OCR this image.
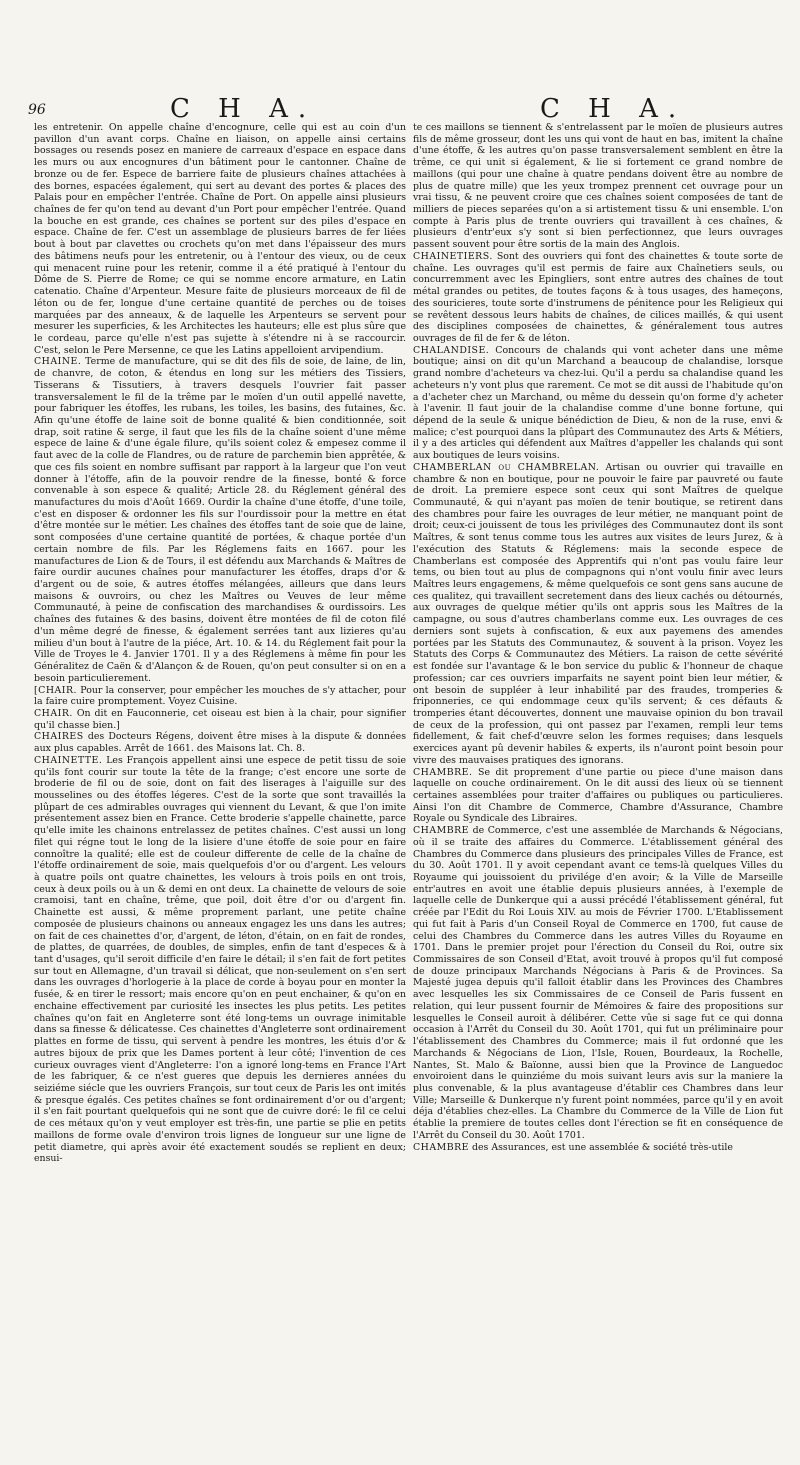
96	C H A.	C H A.

les entretenir. On appelle chaîne d'encognure, celle qui est au coin d'un pavillon d'un avant corps. Chaîne en liaison, on appelle ainsi certains bossages ou resends posez en maniere de carreaux d'espace en espace dans les murs ou aux encognures d'un bâtiment pour le cantonner. Chaîne de bronze ou de fer. Espece de barriere faite de plusieurs chaînes attachées à des bornes, espacées également, qui sert au devant des portes & places des Palais pour en empêcher l'entrée. Chaîne de Port. On appelle ainsi plusieurs chaînes de fer qu'on tend au devant d'un Port pour empêcher l'entrée. Quand la bouche en est grande, ces chaînes se portent sur des piles d'espace en espace. Chaîne de fer. C'est un assemblage de plusieurs barres de fer liées bout à bout par clavettes ou crochets qu'on met dans l'épaisseur des murs des bâtimens neufs pour les entretenir, ou à l'entour des vieux, ou de ceux qui menacent ruine pour les retenir, comme il a été pratiqué à l'entour du Dôme de S. Pierre de Rome; ce qui se nomme encore armature, en Latin catenatio. Chaîne d'Arpenteur. Mesure faite de plusieurs morceaux de fil de léton ou de fer, longue d'une certaine quantité de perches ou de toises marquées par des anneaux, & de laquelle les Arpenteurs se servent pour mesurer les superficies, & les Architectes les hauteurs; elle est plus sûre que le cordeau, parce qu'elle n'est pas sujette à s'étendre ni à se raccourcir. C'est, selon le Pere Mersenne, ce que les Latins appelloient arvipendium.

CHAINE. Terme de manufacture, qui se dit des fils de soie, de laine, de lin, de chanvre, de coton, & étendus en long sur les métiers des Tissiers, Tisserans & Tissutiers, à travers desquels l'ouvrier fait passer transversalement le fil de la trême par le moïen d'un outil appellé navette, pour fabriquer les étoffes, les rubans, les toiles, les basins, des futaines, &c. Afin qu'une étoffe de laine soit de bonne qualité & bien conditionnée, soit drap, soit ratine & serge, il faut que les fils de la chaîne soient d'une même espece de laine & d'une égale filure, qu'ils soient colez & empesez comme il faut avec de la colle de Flandres, ou de rature de parchemin bien apprêtée, & que ces fils soient en nombre suffisant par rapport à la largeur que l'on veut donner à l'étoffe, afin de la pouvoir rendre de la finesse, bonté & force convenable à son espece & qualité; Article 28. du Réglement général des manufactures du mois d'Août 1669. Ourdir la chaîne d'une étoffe, d'une toile, c'est en disposer & ordonner les fils sur l'ourdissoir pour la mettre en état d'être montée sur le métier. Les chaînes des étoffes tant de soie que de laine, sont composées d'une certaine quantité de portées, & chaque portée d'un certain nombre de fils. Par les Réglemens faits en 1667. pour les manufactures de Lion & de Tours, il est défendu aux Marchands & Maîtres de faire ourdir aucunes chaînes pour manufacturer les étoffes, draps d'or & d'argent ou de soie, & autres étoffes mélangées, ailleurs que dans leurs maisons & ouvroirs, ou chez les Maîtres ou Veuves de leur même Communauté, à peine de confiscation des marchandises & ourdissoirs. Les chaînes des futaines & des basins, doivent être montées de fil de coton filé d'un même degré de finesse, & également serrées tant aux lizieres qu'au milieu d'un bout à l'autre de la piéce, Art. 10. & 14. du Réglement fait pour la Ville de Troyes le 4. Janvier 1701. Il y a des Réglemens à même fin pour les Généralitez de Caën & d'Alançon & de Rouen, qu'on peut consulter si on en a besoin particulierement.

[CHAIR. Pour la conserver, pour empêcher les mouches de s'y attacher, pour la faire cuire promptement. Voyez Cuisine.

CHAIR. On dit en Fauconnerie, cet oiseau est bien à la chair, pour signifier qu'il chasse bien.]

CHAIRES des Docteurs Régens, doivent être mises à la dispute & données aux plus capables. Arrêt de 1661. des Maisons lat. Ch. 8.

CHAINETTE. Les François appellent ainsi une espece de petit tissu de soie qu'ils font courir sur toute la tête de la frange; c'est encore une sorte de broderie de fil ou de soie, dont on fait des liserages à l'aiguille sur des mousselines ou des étoffes légeres. C'est de la sorte que sont travaillés la plûpart de ces admirables ouvrages qui viennent du Levant, & que l'on imite présentement assez bien en France. Cette broderie s'appelle chainette, parce qu'elle imite les chainons entrelassez de petites chaînes. C'est aussi un long filet qui régne tout le long de la lisiere d'une étoffe de soie pour en faire connoître la qualité; elle est de couleur differente de celle de la chaîne de l'étoffe ordinairement de soie, mais quelquefois d'or ou d'argent. Les velours à quatre poils ont quatre chainettes, les velours à trois poils en ont trois, ceux à deux poils ou à un & demi en ont deux. La chainette de velours de soie cramoisi, tant en chaîne, trême, que poil, doit être d'or ou d'argent fin. Chainette est aussi, & même proprement parlant, une petite chaîne composée de plusieurs chainons ou anneaux engagez les uns dans les autres; on fait de ces chainettes d'or, d'argent, de léton, d'étain, on en fait de rondes, de plattes, de quarrées, de doubles, de simples, enfin de tant d'especes & à tant d'usages, qu'il seroit difficile d'en faire le détail; il s'en fait de fort petites sur tout en Allemagne, d'un travail si délicat, que non-seulement on s'en sert dans les ouvrages d'horlogerie à la place de corde à boyau pour en monter la fusée, & en tirer le ressort; mais encore qu'on en peut enchainer, & qu'on en enchaine effectivement par curiosité les insectes les plus petits. Les petites chaînes qu'on fait en Angleterre sont été long-tems un ouvrage inimitable dans sa finesse & délicatesse. Ces chainettes d'Angleterre sont ordinairement plattes en forme de tissu, qui servent à pendre les montres, les étuis d'or & autres bijoux de prix que les Dames portent à leur côté; l'invention de ces curieux ouvrages vient d'Angleterre: l'on a ignoré long-tems en France l'Art de les fabriquer, & ce n'est gueres que depuis les dernieres années du seiziéme siécle que les ouvriers François, sur tout ceux de Paris les ont imités & presque égalés. Ces petites chaînes se font ordinairement d'or ou d'argent; il s'en fait pourtant quelquefois qui ne sont que de cuivre doré: le fil ce celui de ces métaux qu'on y veut employer est très-fin, une partie se plie en petits maillons de forme ovale d'environ trois lignes de longueur sur une ligne de petit diametre, qui après avoir été exactement soudés se replient en deux; ensui-

te ces maillons se tiennent & s'entrelassent par le moïen de plusieurs autres fils de même grosseur, dont les uns qui vont de haut en bas, imitent la chaîne d'une étoffe, & les autres qu'on passe transversalement semblent en être la trême, ce qui unit si également, & lie si fortement ce grand nombre de maillons (qui pour une chaîne à quatre pendans doivent être au nombre de plus de quatre mille) que les yeux trompez prennent cet ouvrage pour un vrai tissu, & ne peuvent croire que ces chaînes soient composées de tant de milliers de pieces separées qu'on a si artistement tissu & uni ensemble. L'on compte à Paris plus de trente ouvriers qui travaillent à ces chaînes, & plusieurs d'entr'eux s'y sont si bien perfectionnez, que leurs ouvrages passent souvent pour être sortis de la main des Anglois.

CHAINETIERS. Sont des ouvriers qui font des chainettes & toute sorte de chaîne. Les ouvrages qu'il est permis de faire aux Chaînetiers seuls, ou concurremment avec les Epingliers, sont entre autres des chaînes de tout métal grandes ou petites, de toutes façons & à tous usages, des hameçons, des souricieres, toute sorte d'instrumens de pénitence pour les Religieux qui se revêtent dessous leurs habits de chaînes, de cilices maillés, & qui usent des disciplines composées de chainettes, & généralement tous autres ouvrages de fil de fer & de léton.

CHALANDISE. Concours de chalands qui vont acheter dans une même boutique; ainsi on dit qu'un Marchand a beaucoup de chalandise, lorsque grand nombre d'acheteurs va chez-lui. Qu'il a perdu sa chalandise quand les acheteurs n'y vont plus que rarement. Ce mot se dit aussi de l'habitude qu'on a d'acheter chez un Marchand, ou même du dessein qu'on forme d'y acheter à l'avenir. Il faut jouir de la chalandise comme d'une bonne fortune, qui dépend de la seule & unique bénédiction de Dieu, & non de la ruse, envi & malice; c'est pourquoi dans la plûpart des Communautez des Arts & Métiers, il y a des articles qui défendent aux Maîtres d'appeller les chalands qui sont aux boutiques de leurs voisins.

CHAMBERLAN ou CHAMBRELAN. Artisan ou ouvrier qui travaille en chambre & non en boutique, pour ne pouvoir le faire par pauvreté ou faute de droit. La premiere espece sont ceux qui sont Maîtres de quelque Communauté, & qui n'ayant pas moïen de tenir boutique, se retirent dans des chambres pour faire les ouvrages de leur métier, ne manquant point de droit; ceux-ci jouissent de tous les priviléges des Communautez dont ils sont Maîtres, & sont tenus comme tous les autres aux visites de leurs Jurez, & à l'exécution des Statuts & Réglemens: mais la seconde espece de Chamberlans est composée des Apprentifs qui n'ont pas voulu faire leur tems, ou bien tout au plus de compagnons qui n'ont voulu finir avec leurs Maîtres leurs engagemens, & même quelquefois ce sont gens sans aucune de ces qualitez, qui travaillent secretement dans des lieux cachés ou détournés, aux ouvrages de quelque métier qu'ils ont appris sous les Maîtres de la campagne, ou sous d'autres chamberlans comme eux. Les ouvrages de ces derniers sont sujets à confiscation, & eux aux payemens des amendes portées par les Statuts des Communautez, & souvent à la prison. Voyez les Statuts des Corps & Communautez des Métiers. La raison de cette sévérité est fondée sur l'avantage & le bon service du public & l'honneur de chaque profession; car ces ouvriers imparfaits ne sayent point bien leur métier, & ont besoin de suppléer à leur inhabilité par des fraudes, tromperies & friponneries, ce qui endommage ceux qu'ils servent; & ces défauts & tromperies étant découvertes, donnent une mauvaise opinion du bon travail de ceux de la profession, qui ont passez par l'examen, rempli leur tems fidellement, & fait chef-d'œuvre selon les formes requises; dans lesquels exercices ayant pû devenir habiles & experts, ils n'auront point besoin pour vivre des mauvaises pratiques des ignorans.

CHAMBRE. Se dit proprement d'une partie ou piece d'une maison dans laquelle on couche ordinairement. On le dit aussi des lieux où se tiennent certaines assemblées pour traiter d'affaires ou publiques ou particulieres. Ainsi l'on dit Chambre de Commerce, Chambre d'Assurance, Chambre Royale ou Syndicale des Libraires.

CHAMBRE de Commerce, c'est une assemblée de Marchands & Négocians, où il se traite des affaires du Commerce. L'établissement général des Chambres du Commerce dans plusieurs des principales Villes de France, est du 30. Août 1701. Il y avoit cependant avant ce tems-là quelques Villes du Royaume qui jouissoient du privilége d'en avoir; & la Ville de Marseille entr'autres en avoit une établie depuis plusieurs années, à l'exemple de laquelle celle de Dunkerque qui a aussi précédé l'établissement général, fut créée par l'Edit du Roi Louis XIV. au mois de Février 1700. L'Etablissement qui fut fait à Paris d'un Conseil Royal de Commerce en 1700, fut cause de celui des Chambres du Commerce dans les autres Villes du Royaume en 1701. Dans le premier projet pour l'érection du Conseil du Roi, outre six Commissaires de son Conseil d'Etat, avoit trouvé à propos qu'il fut composé de douze principaux Marchands Négocians à Paris & de Provinces. Sa Majesté jugea depuis qu'il falloit établir dans les Provinces des Chambres avec lesquelles les six Commissaires de ce Conseil de Paris fussent en relation, qui leur pussent fournir de Mémoires & faire des propositions sur lesquelles le Conseil auroit à délibérer. Cette vûe si sage fut ce qui donna occasion à l'Arrêt du Conseil du 30. Août 1701, qui fut un préliminaire pour l'établissement des Chambres du Commerce; mais il fut ordonné que les Marchands & Négocians de Lion, l'Isle, Rouen, Bourdeaux, la Rochelle, Nantes, St. Malo & Baïonne, aussi bien que la Province de Languedoc envoiroient dans le quinziéme du mois suivant leurs avis sur la maniere la plus convenable, & la plus avantageuse d'établir ces Chambres dans leur Ville; Marseille & Dunkerque n'y furent point nommées, parce qu'il y en avoit déja d'établies chez-elles. La Chambre du Commerce de la Ville de Lion fut établie la premiere de toutes celles dont l'érection se fit en conséquence de l'Arrêt du Conseil du 30. Août 1701.

CHAMBRE des Assurances, est une assemblée & société très-utile
